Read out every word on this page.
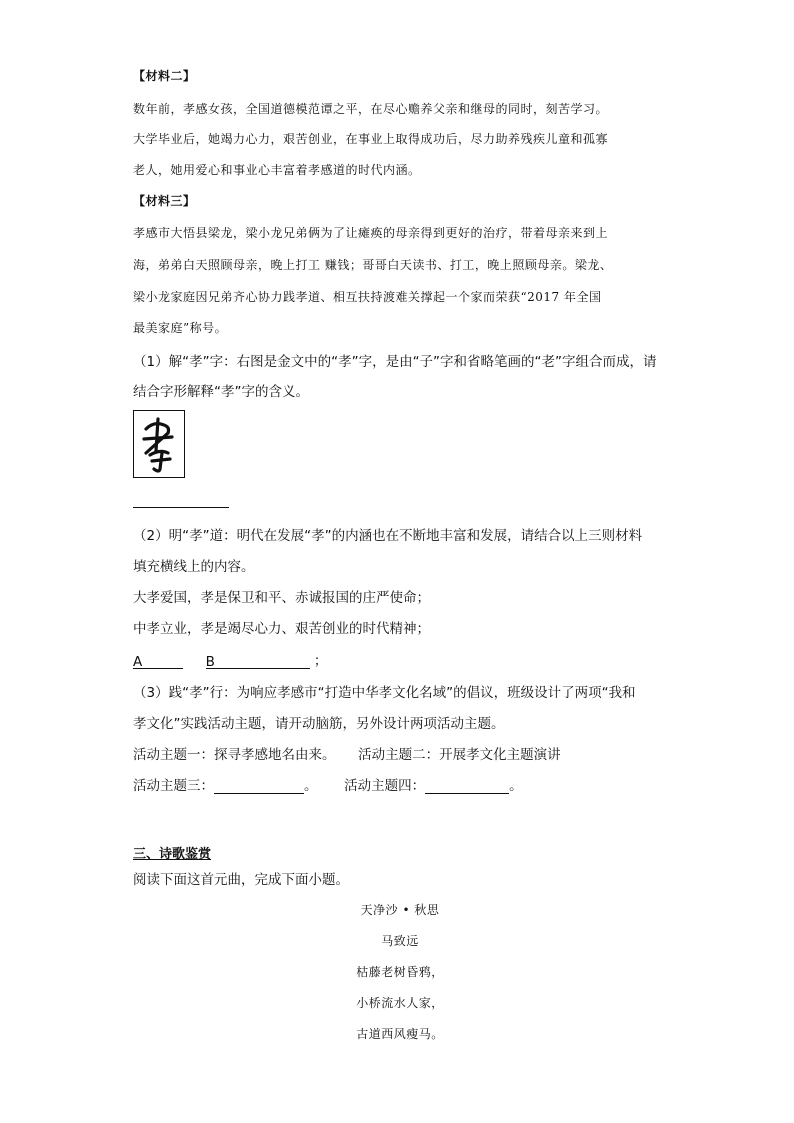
【材料二】
数年前，孝感女孩，全国道德模范谭之平，在尽心赡养父亲和继母的同时，刻苦学习。
大学毕业后，她竭力心力，艰苦创业，在事业上取得成功后，尽力助养残疾儿童和孤寡
老人，她用爱心和事业心丰富着孝感道的时代内涵。
【材料三】
孝感市大悟县梁龙，梁小龙兄弟俩为了让瘫痪的母亲得到更好的治疗，带着母亲来到上
海，弟弟白天照顾母亲，晚上打工 赚钱；哥哥白天读书、打工，晚上照顾母亲。梁龙、
梁小龙家庭因兄弟齐心协力践孝道、相互扶持渡难关撑起一个家而荣获“2017 年全国
最美家庭”称号。
（1）解“孝”字：右图是金文中的“孝”字，是由“子”字和省略笔画的“老”字组合而成，请
结合字形解释“孝”字的含义。
（2）明“孝”道：明代在发展“孝”的内涵也在不断地丰富和发展，请结合以上三则材料
填充横线上的内容。
大孝爱国，孝是保卫和平、赤诚报国的庄严使命；
中孝立业，孝是竭尽心力、艰苦创业的时代精神；
A	B	；
（3）践“孝”行：为响应孝感市“打造中华孝文化名域”的倡议，班级设计了两项“我和
孝文化”实践活动主题，请开动脑筋，另外设计两项活动主题。
活动主题一：探寻孝感地名由来。 活动主题二：开展孝文化主题演讲
活动主题三：	。 活动主题四：	。
三、诗歌鉴赏
阅读下面这首元曲，完成下面小题。
天净沙 • 秋思
马致远
枯藤老树昏鸦，
小桥流水人家，
古道西风瘦马。
